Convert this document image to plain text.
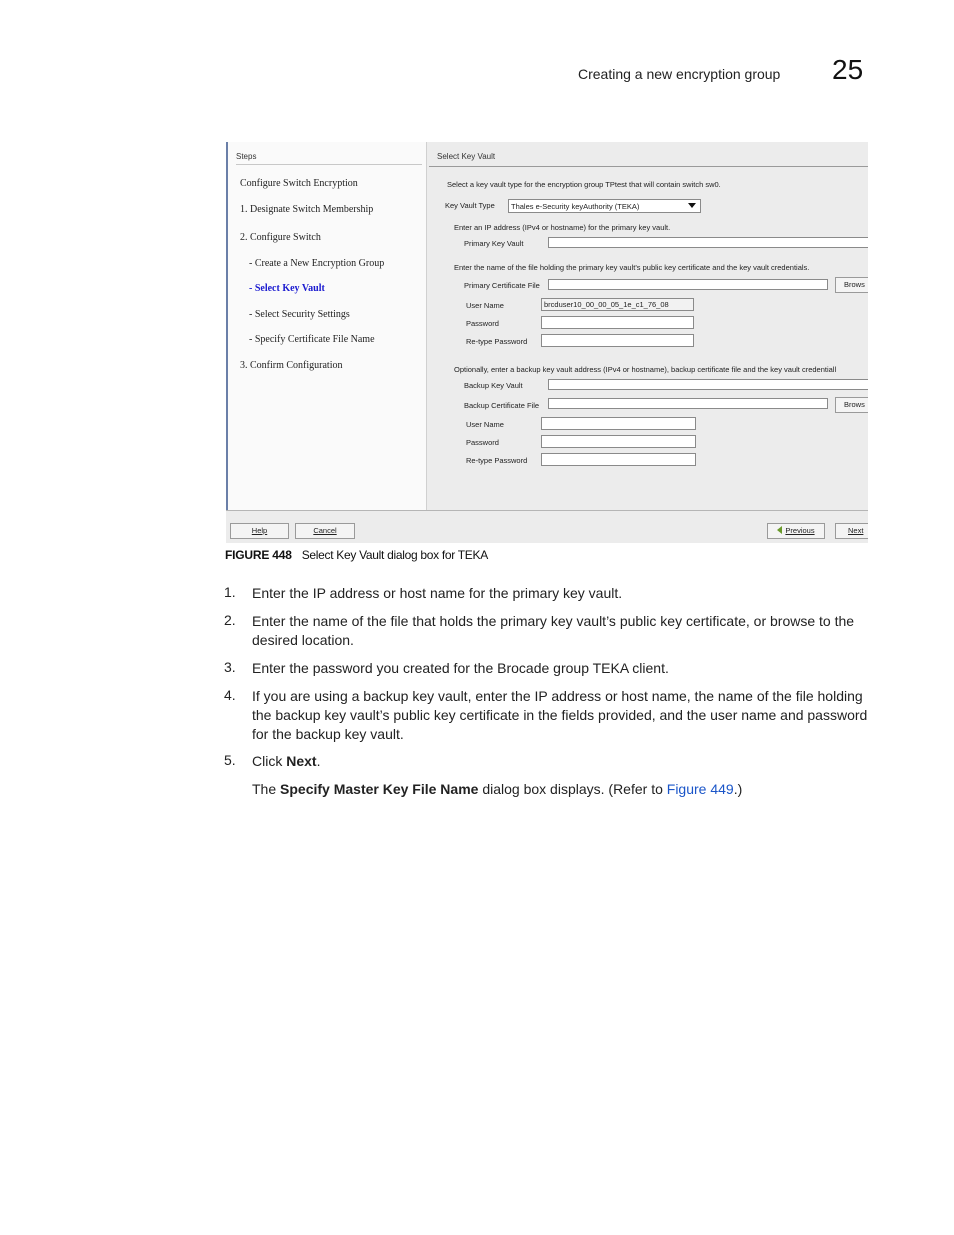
Creating a new encryption group 25
Steps
Configure Switch Encryption
1. Designate Switch Membership
2. Configure Switch
- Create a New Encryption Group
- Select Key Vault
- Select Security Settings
- Specify Certificate File Name
3. Confirm Configuration
Select Key Vault
Select a key vault type for the encryption group TPtest that will contain switch sw0.
Key Vault Type Thales e-Security keyAuthority (TEKA)
Enter an IP address (IPv4 or hostname) for the primary key vault.
Primary Key Vault
Enter the name of the file holding the primary key vault's public key certificate and the key vault credentials.
Primary Certificate File	Brows
User Name	brcduser10_00_00_05_1e_c1_76_08
Password
Re-type Password
Optionally, enter a backup key vault address (IPv4 or hostname), backup certificate file and the key vault credentiall
Backup Key Vault
Backup Certificate File	Brows
User Name
Password
Re-type Password
Help	Cancel	Previous	Next
FIGURE 448 Select Key Vault dialog box for TEKA
1. Enter the IP address or host name for the primary key vault.
2. Enter the name of the file that holds the primary key vault’s public key certificate, or browse to the desired location.
3. Enter the password you created for the Brocade group TEKA client.
4. If you are using a backup key vault, enter the IP address or host name, the name of the file holding the backup key vault’s public key certificate in the fields provided, and the user name and password for the backup key vault.
5. Click Next.
The Specify Master Key File Name dialog box displays. (Refer to Figure 449.)
